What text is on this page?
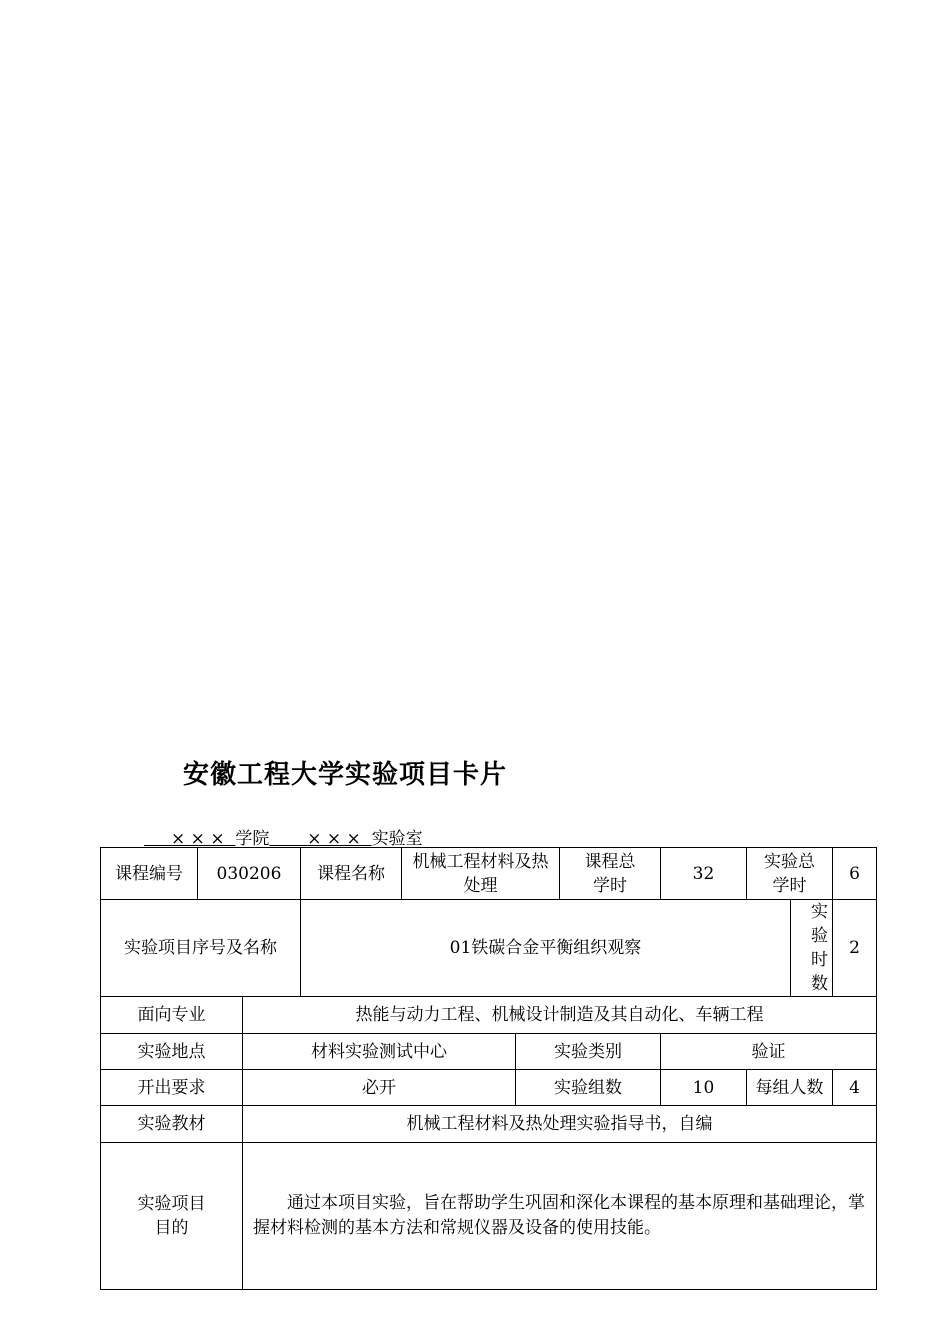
安徽工程大学实验项目卡片
× × ×  学院 × × ×  实验室
课程编号	030206		课程名称	机械工程材料及热处理		课程总学时	32	实验总学时		6
实验项目序号及名称			01铁碳合金平衡组织观察						实验时数	2
面向专业		热能与动力工程、机械设计制造及其自动化、车辆工程								
实验地点		材料实验测试中心			实验类别		验证			
开出要求		必开			实验组数		10	每组人数		4
实验教材		机械工程材料及热处理实验指导书，自编								
实验项目目的		通过本项目实验，旨在帮助学生巩固和深化本课程的基本原理和基础理论，掌握材料检测的基本方法和常规仪器及设备的使用技能。								
